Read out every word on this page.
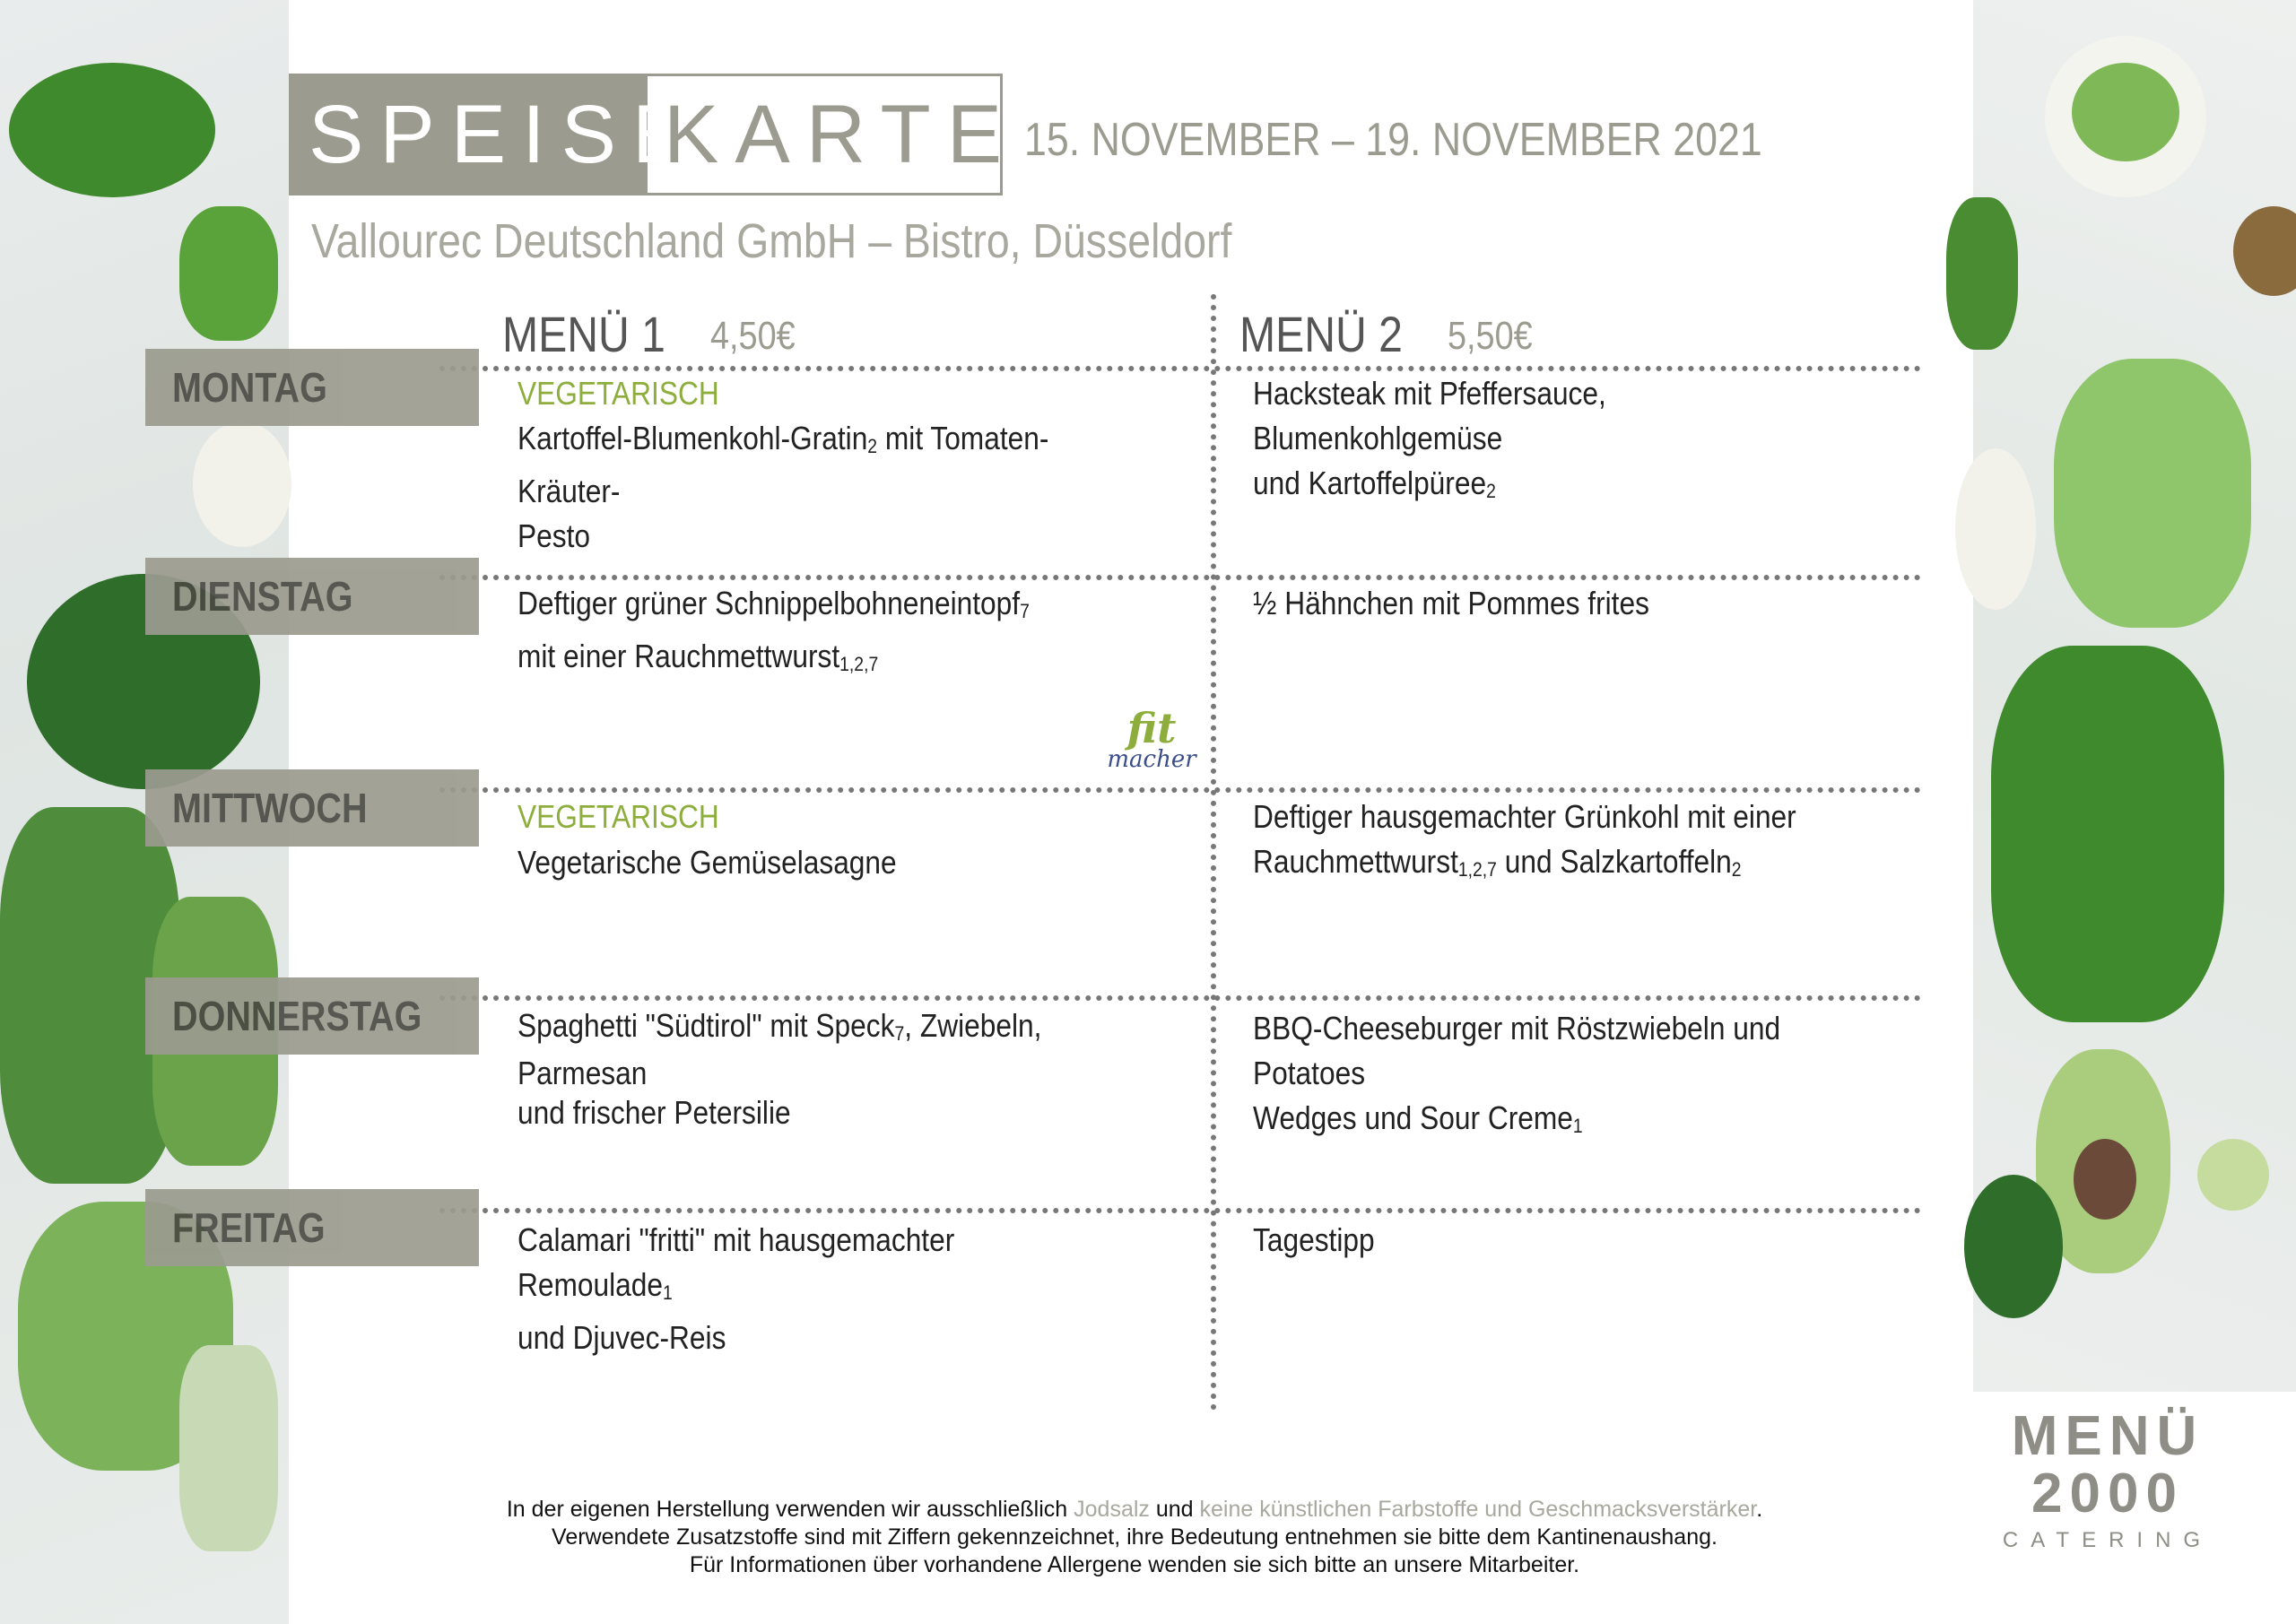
SPEISE
KARTE 15. NOVEMBER – 19. NOVEMBER 2021
Vallourec Deutschland GmbH – Bistro, Düsseldorf
MENÜ 1 4,50€	MENÜ 2 5,50€
MONTAG
DIENSTAG
MITTWOCH
DONNERSTAG
FREITAG
VEGETARISCH
Kartoffel-Blumenkohl-Gratin$_2$ mit Tomaten-Kräuter-
Pesto
Hacksteak mit Pfeffersauce, Blumenkohlgemüse
und Kartoffelpüree$_2$
Deftiger grüner Schnippelbohneneintopf$_7$
mit einer Rauchmettwurst$_{1,2,7}$
½ Hähnchen mit Pommes frites
fit
macher
VEGETARISCH
Vegetarische Gemüselasagne
Deftiger hausgemachter Grünkohl mit einer
Rauchmettwurst$_{1,2,7}$ und Salzkartoffeln$_2$
Spaghetti "Südtirol" mit Speck$_7$, Zwiebeln, Parmesan
und frischer Petersilie
BBQ-Cheeseburger mit Röstzwiebeln und Potatoes
Wedges und Sour Creme$_1$
Calamari "fritti" mit hausgemachter Remoulade$_1$
und Djuvec-Reis
Tagestipp
In der eigenen Herstellung verwenden wir ausschließlich Jodsalz und keine künstlichen Farbstoffe und Geschmacksverstärker.
Verwendete Zusatzstoffe sind mit Ziffern gekennzeichnet, ihre Bedeutung entnehmen sie bitte dem Kantinenaushang.
Für Informationen über vorhandene Allergene wenden sie sich bitte an unsere Mitarbeiter.
MENÜ
2000
CATERING
